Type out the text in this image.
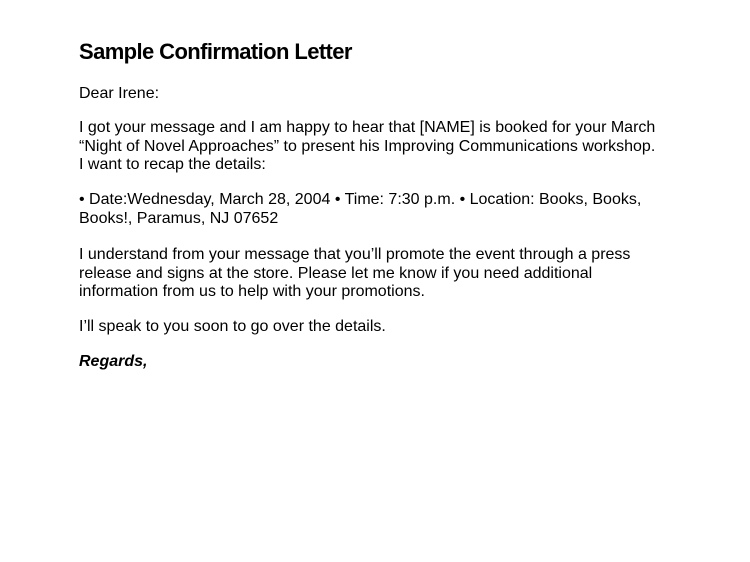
Sample Confirmation Letter

Dear Irene:

I got your message and I am happy to hear that [NAME] is booked for your March
“Night of Novel Approaches” to present his Improving Communications workshop.
I want to recap the details:

• Date:Wednesday, March 28, 2004 • Time: 7:30 p.m. • Location: Books, Books,
Books!, Paramus, NJ 07652

I understand from your message that you’ll promote the event through a press
release and signs at the store. Please let me know if you need additional
information from us to help with your promotions.

I’ll speak to you soon to go over the details.

Regards,
